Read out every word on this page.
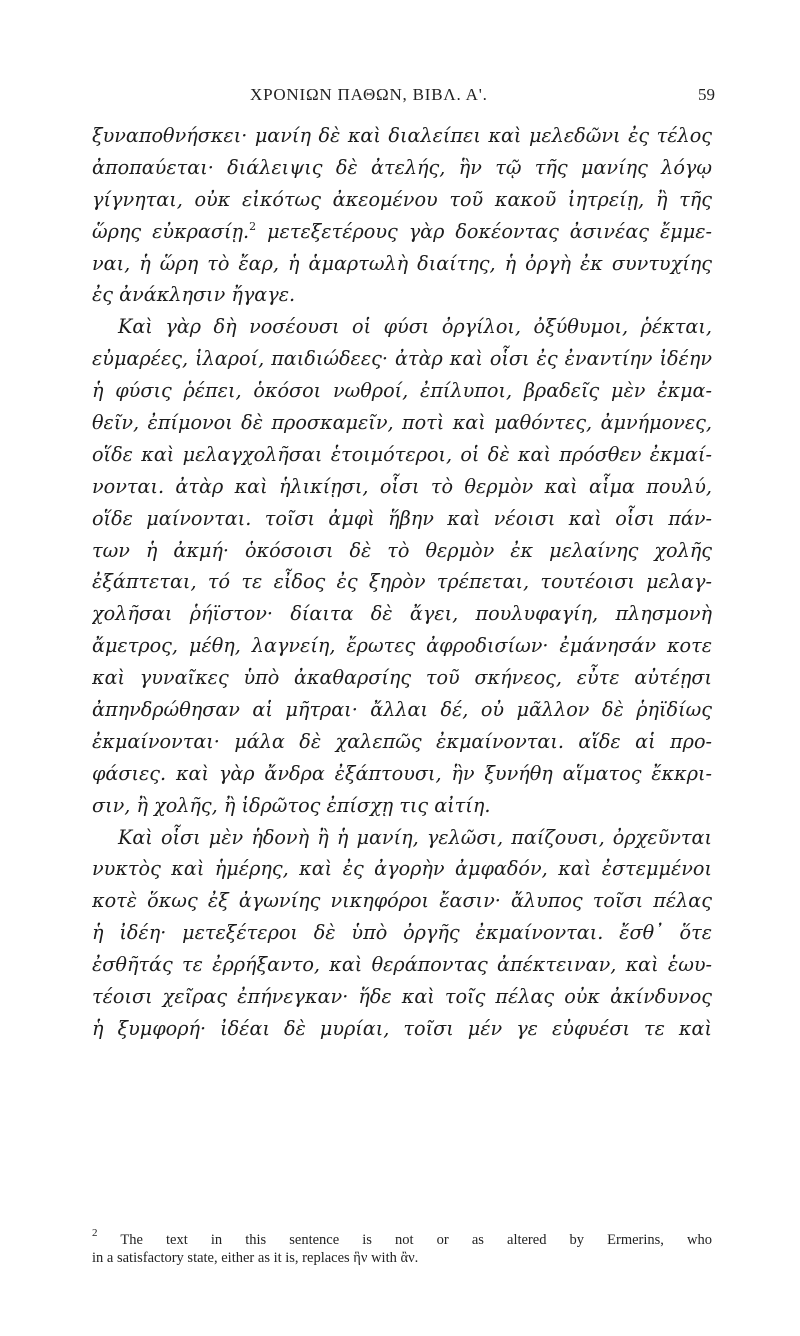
ΧΡΟΝΙΩΝ ΠΑΘΩΝ, ΒΙΒΛ. Α'.	59
ξυναποθνήσκει· μανίη δὲ καὶ διαλείπει καὶ μελεδῶνι ἐς τέλος
ἀποπαύεται· διάλειψις δὲ ἀτελής, ἣν τῷ τῆς μανίης λόγῳ
γίγνηται, οὐκ εἰκότως ἀκεομένου τοῦ κακοῦ ἰητρείῃ, ἢ τῆς
ὥρης εὐκρασίῃ.$^2$ μετεξετέρους γὰρ δοκέοντας ἀσινέας ἔμμε-
ναι, ἡ ὥρη τὸ ἔαρ, ἡ ἁμαρτωλὴ διαίτης, ἡ ὀργὴ ἐκ συντυχίης
ἐς ἀνάκλησιν ἤγαγε.
Καὶ γὰρ δὴ νοσέουσι οἱ φύσι ὀργίλοι, ὀξύθυμοι, ῥέκται,
εὐμαρέες, ἱλαροί, παιδιώδεες· ἀτὰρ καὶ οἷσι ἐς ἐναντίην ἰδέην
ἡ φύσις ῥέπει, ὁκόσοι νωθροί, ἐπίλυποι, βραδεῖς μὲν ἐκμα-
θεῖν, ἐπίμονοι δὲ προσκαμεῖν, ποτὶ καὶ μαθόντες, ἀμνήμονες,
οἵδε καὶ μελαγχολῆσαι ἑτοιμότεροι, οἱ δὲ καὶ πρόσθεν ἐκμαί-
νονται. ἀτὰρ καὶ ἡλικίῃσι, οἷσι τὸ θερμὸν καὶ αἷμα πουλύ,
οἵδε μαίνονται. τοῖσι ἀμφὶ ἥβην καὶ νέοισι καὶ οἷσι πάν-
των ἡ ἀκμή· ὁκόσοισι δὲ τὸ θερμὸν ἐκ μελαίνης χολῆς
ἐξάπτεται, τό τε εἶδος ἐς ξηρὸν τρέπεται, τουτέοισι μελαγ-
χολῆσαι ῥήϊστον· δίαιτα δὲ ἄγει, πουλυφαγίη, πλησμονὴ
ἄμετρος, μέθη, λαγνείη, ἔρωτες ἀφροδισίων· ἐμάνησάν κοτε
καὶ γυναῖκες ὑπὸ ἀκαθαρσίης τοῦ σκήνεος, εὖτε αὐτέῃσι
ἀπηνδρώθησαν αἱ μῆτραι· ἄλλαι δέ, οὐ μᾶλλον δὲ ῥηϊδίως
ἐκμαίνονται· μάλα δὲ χαλεπῶς ἐκμαίνονται. αἵδε αἱ προ-
φάσιες. καὶ γὰρ ἄνδρα ἐξάπτουσι, ἣν ξυνήθη αἵματος ἔκκρι-
σιν, ἢ χολῆς, ἢ ἱδρῶτος ἐπίσχῃ τις αἰτίη.
Καὶ οἷσι μὲν ἡδονὴ ἢ ἡ μανίη, γελῶσι, παίζουσι, ὀρχεῦνται
νυκτὸς καὶ ἡμέρης, καὶ ἐς ἀγορὴν ἀμφαδόν, καὶ ἐστεμμένοι
κοτὲ ὅκως ἐξ ἀγωνίης νικηφόροι ἔασιν· ἄλυπος τοῖσι πέλας
ἡ ἰδέη· μετεξέτεροι δὲ ὑπὸ ὀργῆς ἐκμαίνονται. ἔσθ᾽ ὅτε
ἐσθῆτάς τε ἐρρήξαντο, καὶ θεράποντας ἀπέκτειναν, καὶ ἑωυ-
τέοισι χεῖρας ἐπήνεγκαν· ἥδε καὶ τοῖς πέλας οὐκ ἀκίνδυνος
ἡ ξυμφορή· ἰδέαι δὲ μυρίαι, τοῖσι μέν γε εὐφυέσι τε καὶ
$^2$ The text in this sentence is not or as altered by Ermerins, who
in a satisfactory state, either as it is, replaces ἣν with ἂν.
